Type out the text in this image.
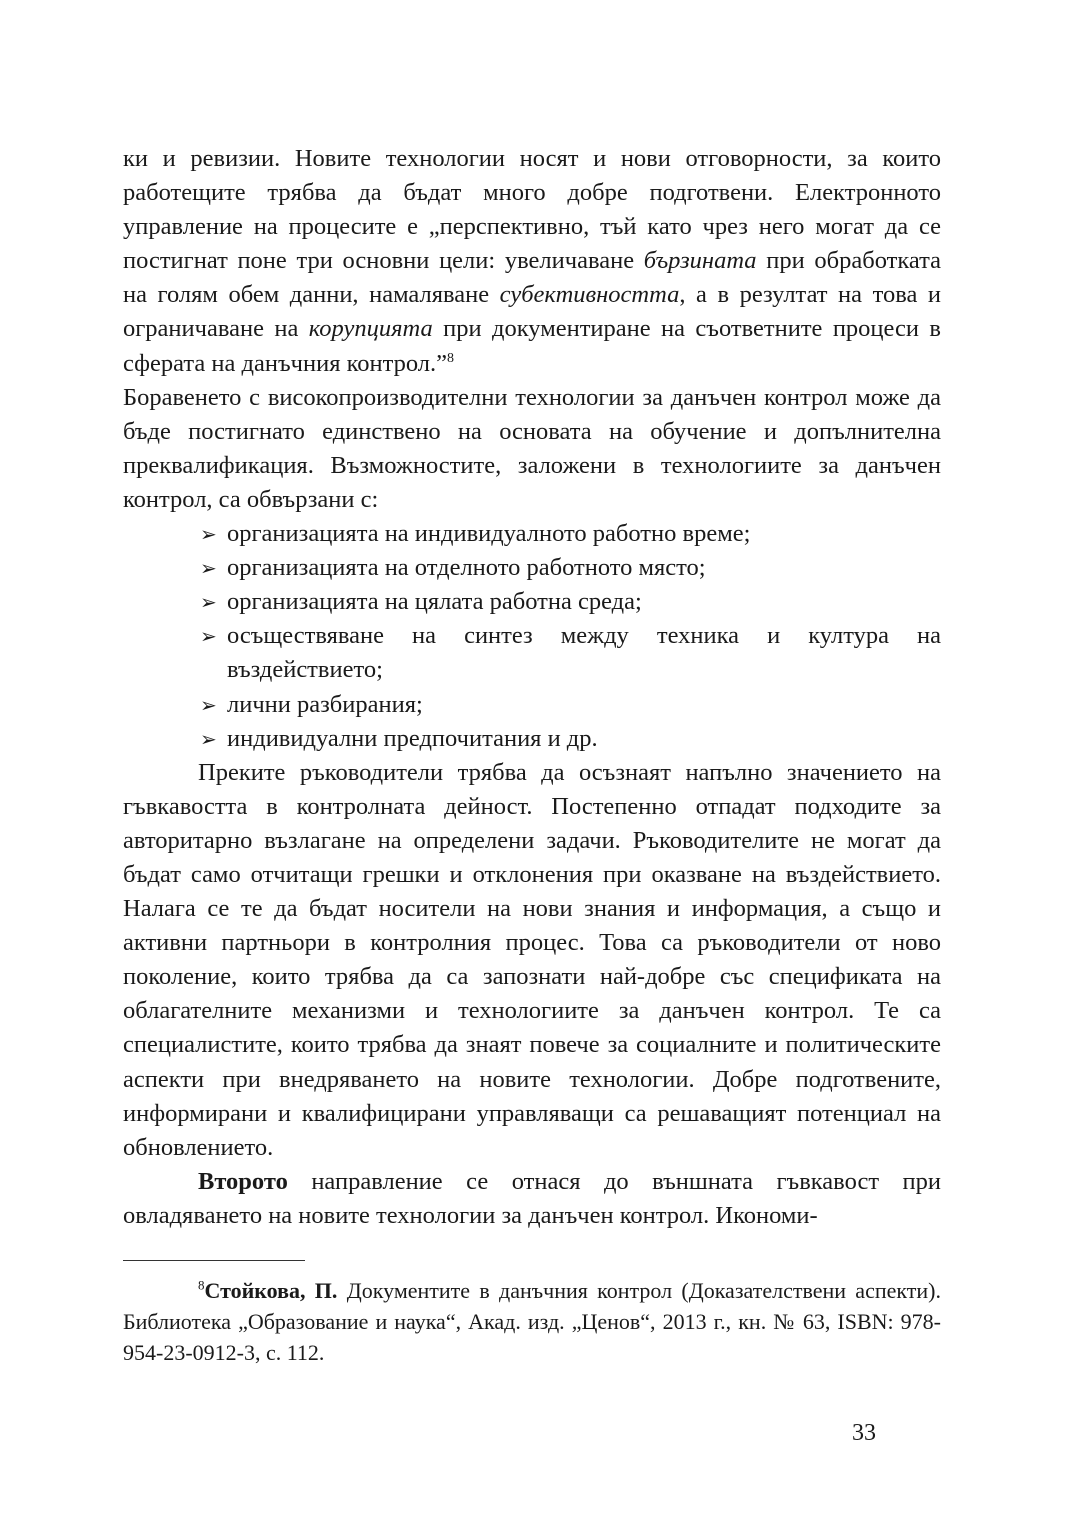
ки и ревизии. Новите технологии носят и нови отговорности, за които работещите трябва да бъдат много добре подготвени. Електронното управление на процесите е „перспективно, тъй като чрез него могат да се постигнат поне три основни цели: увеличаване бързината при обработката на голям обем данни, намаляване субективността, а в резултат на това и ограничаване на корупцията при документиране на съответните процеси в сферата на данъчния контрол.”$^8$

Боравенето с високопроизводителни технологии за данъчен контрол може да бъде постигнато единствено на основата на обучение и допълнителна преквалификация. Възможностите, заложени в технологиите за данъчен контрол, са обвързани с:

➢ организацията на индивидуалното работно време;
➢ организацията на отделното работното място;
➢ организацията на цялата работна среда;
➢ осъществяване на синтез между техника и култура на въздействието;
➢ лични разбирания;
➢ индивидуални предпочитания и др.

Преките ръководители трябва да осъзнаят напълно значението на гъвкавостта в контролната дейност. Постепенно отпадат подходите за авторитарно възлагане на определени задачи. Ръководителите не могат да бъдат само отчитащи грешки и отклонения при оказване на въздействието. Налага се те да бъдат носители на нови знания и информация, а също и активни партньори в контролния процес. Това са ръководители от ново поколение, които трябва да са запознати най-добре със спецификата на облагателните механизми и технологиите за данъчен контрол. Те са специалистите, които трябва да знаят повече за социалните и политическите аспекти при внедряването на новите технологии. Добре подготвените, информирани и квалифицирани управляващи са решаващият потенциал на обновлението.

Второто направление се отнася до външната гъвкавост при овладяването на новите технологии за данъчен контрол. Икономи-

$^8$Стойкова, П. Документите в данъчния контрол (Доказателствени аспекти). Библиотека „Образование и наука“, Акад. изд. „Ценов“, 2013 г., кн. № 63, ISBN: 978-954-23-0912-3, с. 112.

33
